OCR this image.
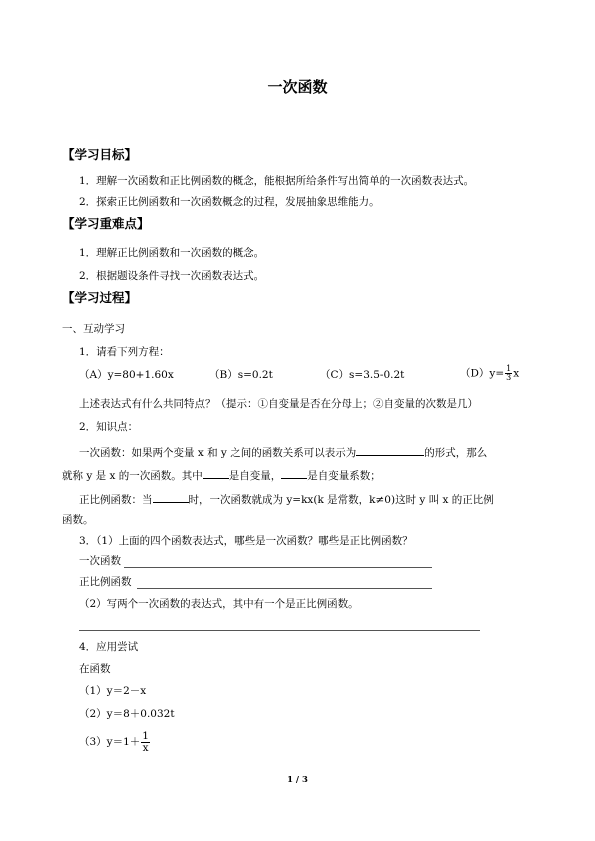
一次函数
【学习目标】
1．理解一次函数和正比例函数的概念，能根据所给条件写出简单的一次函数表达式。
2．探索正比例函数和一次函数概念的过程，发展抽象思维能力。
【学习重难点】
1．理解正比例函数和一次函数的概念。
2．根据题设条件寻找一次函数表达式。
【学习过程】
一、互动学习
1．请看下列方程：
（A）y=80+1.60x	（B）s=0.2t	（C）s=3.5-0.2t	$(D)y= \frac{1}{3}$ x
上述表达式有什么共同特点？（提示：①自变量是否在分母上；②自变量的次数是几）
2．知识点：
一次函数：如果两个变量 x 和 y 之间的函数关系可以表示为	的形式，那么
就称 y 是 x 的一次函数。其中 是自变量， 是自变量系数；
正比例函数：当	时，一次函数就成为 y=kx(k 是常数，k≠0)这时 y 叫 x 的正比例
函数。
3．（1）上面的四个函数表达式，哪些是一次函数？哪些是正比例函数？
一次函数
正比例函数
（2）写两个一次函数的表达式，其中有一个是正比例函数。
4．应用尝试
在函数
（1）y＝2－x
（2）y＝8＋0.032t
$(3)y=1+ \frac{1}{x}$
1 / 3
